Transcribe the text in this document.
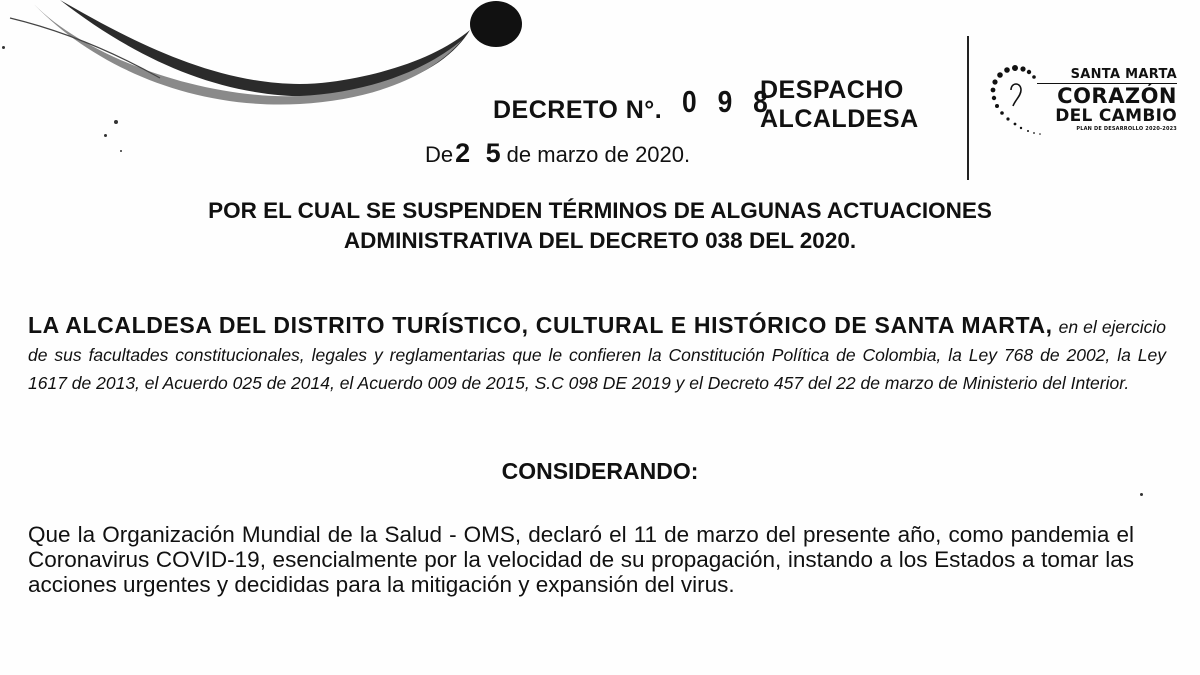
DECRETO N°. 0 9 8
DESPACHO
ALCALDESA
De2 5de marzo de 2020.
SANTA MARTA
CORAZÓN
DEL CAMBIO
PLAN DE DESARROLLO 2020-2023
POR EL CUAL SE SUSPENDEN TÉRMINOS DE ALGUNAS ACTUACIONES
ADMINISTRATIVA DEL DECRETO 038 DEL 2020.
LA ALCALDESA DEL DISTRITO TURÍSTICO, CULTURAL E HISTÓRICO DE SANTA MARTA, en el ejercicio de sus facultades constitucionales, legales y reglamentarias que le confieren la Constitución Política de Colombia, la Ley 768 de 2002, la Ley 1617 de 2013, el Acuerdo 025 de 2014, el Acuerdo 009 de 2015, S.C 098 DE 2019 y el Decreto 457 del 22 de marzo de Ministerio del Interior.
CONSIDERANDO:
Que la Organización Mundial de la Salud - OMS, declaró el 11 de marzo del presente año, como pandemia el Coronavirus COVID-19, esencialmente por la velocidad de su propagación, instando a los Estados a tomar las acciones urgentes y decididas para la mitigación y expansión del virus.
